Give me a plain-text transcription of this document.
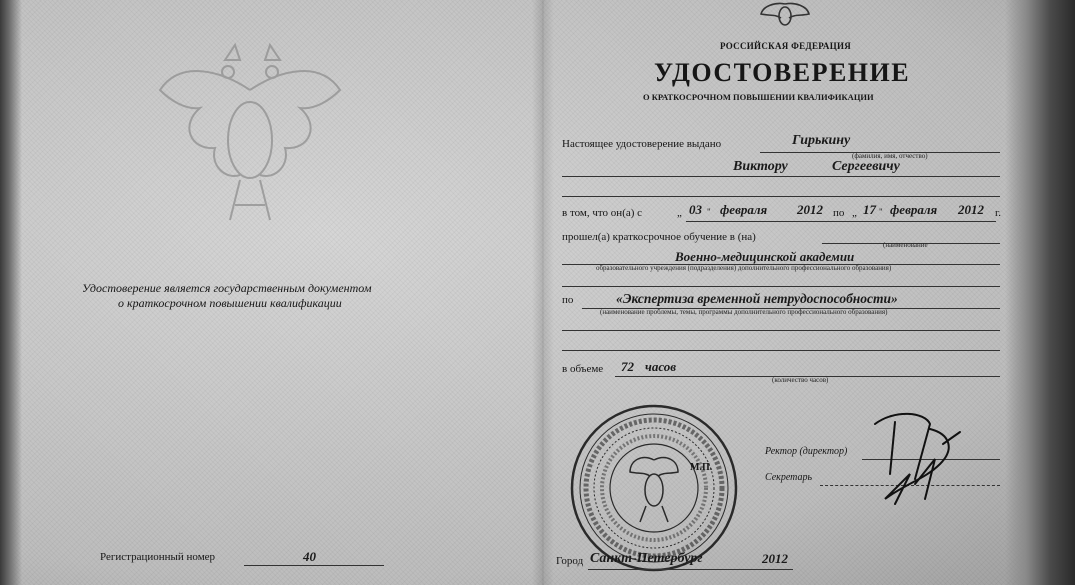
Удостоверение является государственным документом
о краткосрочном повышении квалификации
Регистрационный номер	40
РОССИЙСКАЯ ФЕДЕРАЦИЯ
УДОСТОВЕРЕНИЕ
О КРАТКОСРОЧНОМ ПОВЫШЕНИИ КВАЛИФИКАЦИИ
Настоящее удостоверение выдано	Гирькину
(фамилия, имя, отчество)
Виктору	Сергеевичу
в том, что он(а) с	„ 03 " февраля 2012 по „ 17 " февраля 2012 г.
прошел(а) краткосрочное обучение в (на)
(наименование
Военно-медицинской академии
образовательного учреждения (подразделения) дополнительного профессионального образования)
по	«Экспертиза временной нетрудоспособности»
(наименование проблемы, темы, программы дополнительного профессионального образования)
в объеме 72 часов
(количество часов)
М.П.
Ректор (директор)
Секретарь
Город Санкт-Петербург	2012
